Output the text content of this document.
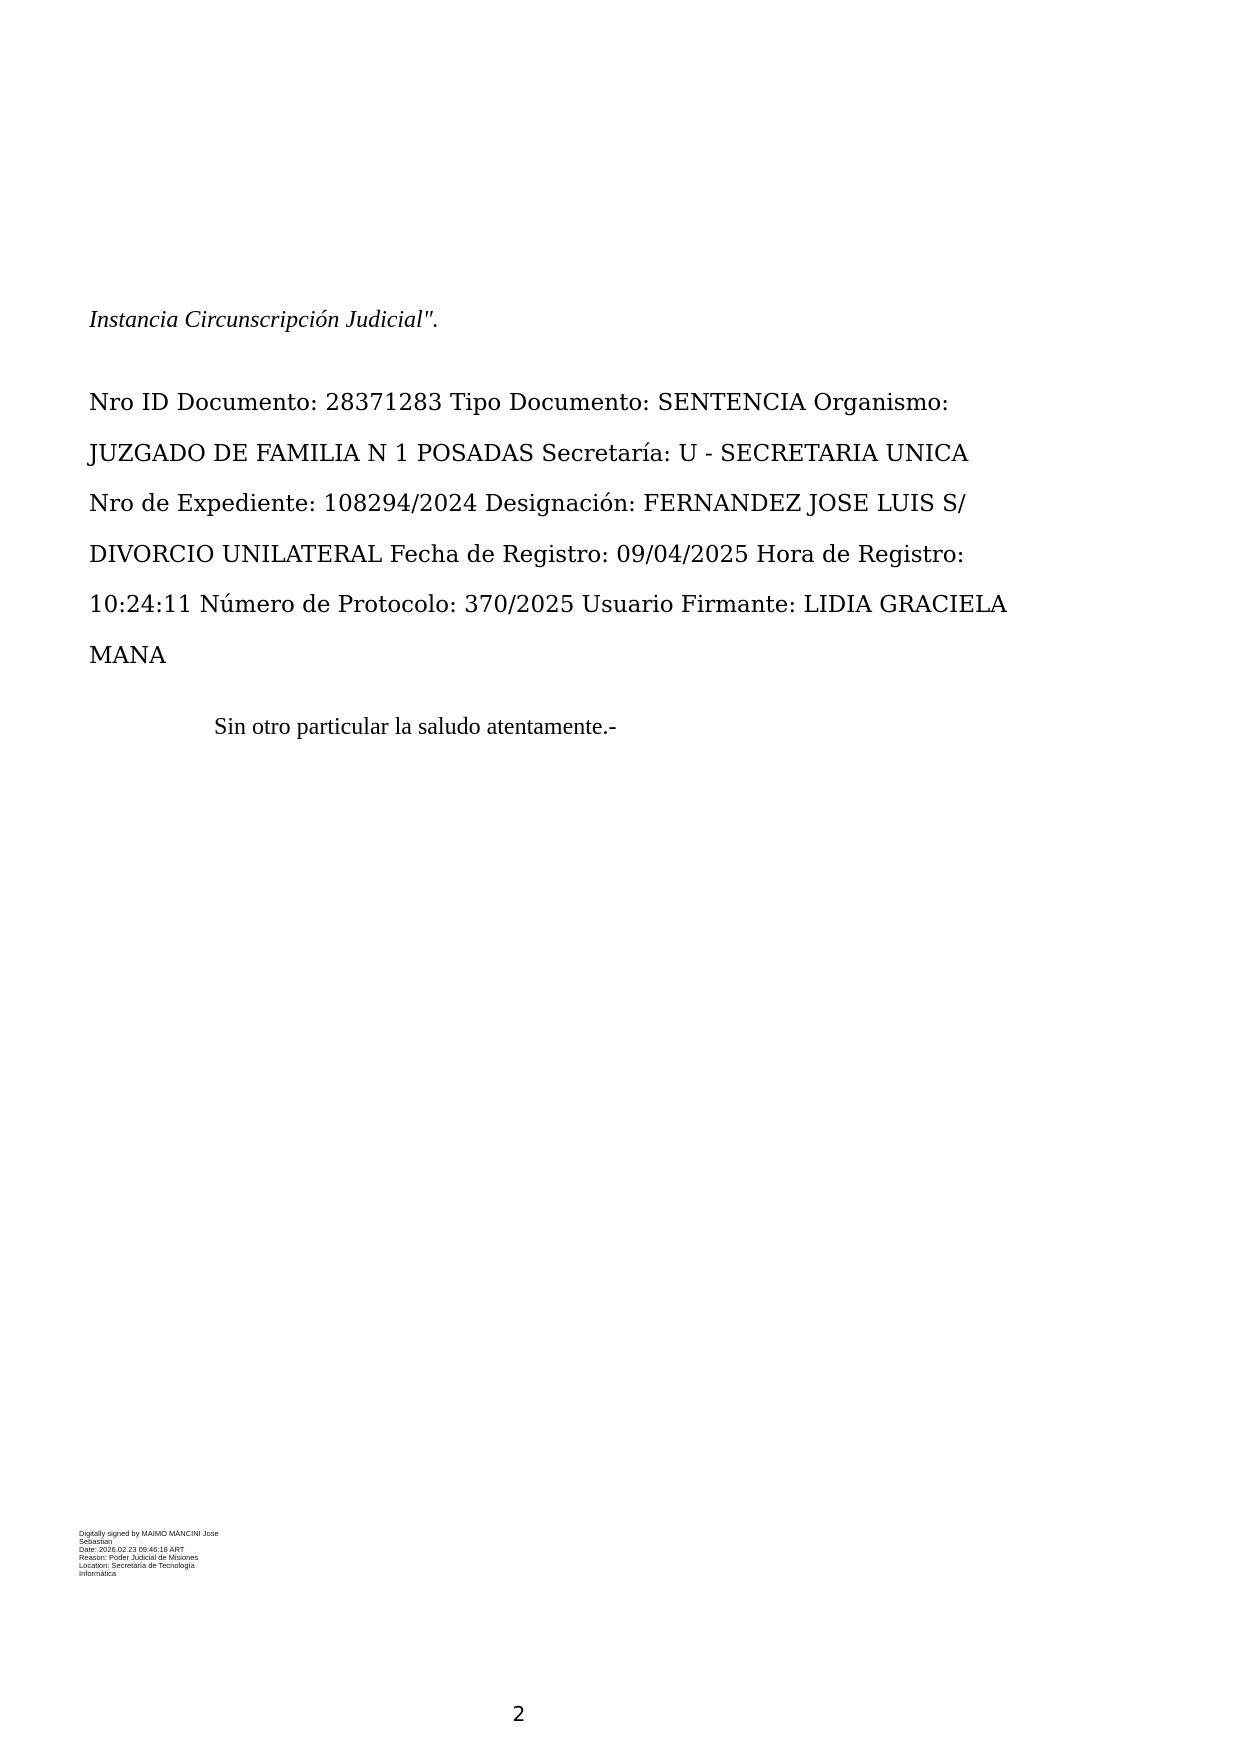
Instancia Circunscripción Judicial".
Nro ID Documento: 28371283 Tipo Documento: SENTENCIA Organismo:
JUZGADO DE FAMILIA N 1 POSADAS Secretaría: U - SECRETARIA UNICA
Nro de Expediente: 108294/2024 Designación: FERNANDEZ JOSE LUIS S/
DIVORCIO UNILATERAL Fecha de Registro: 09/04/2025 Hora de Registro:
10:24:11 Número de Protocolo: 370/2025 Usuario Firmante: LIDIA GRACIELA
MANA
Sin otro particular la saludo atentamente.-
Digitally signed by MAIMO MANCINI Jose
Sebastian
Date: 2026.02.23 09:46:18 ART
Reason: Poder Judicial de Misiones
Location: Secretaría de Tecnología
Informática
2
